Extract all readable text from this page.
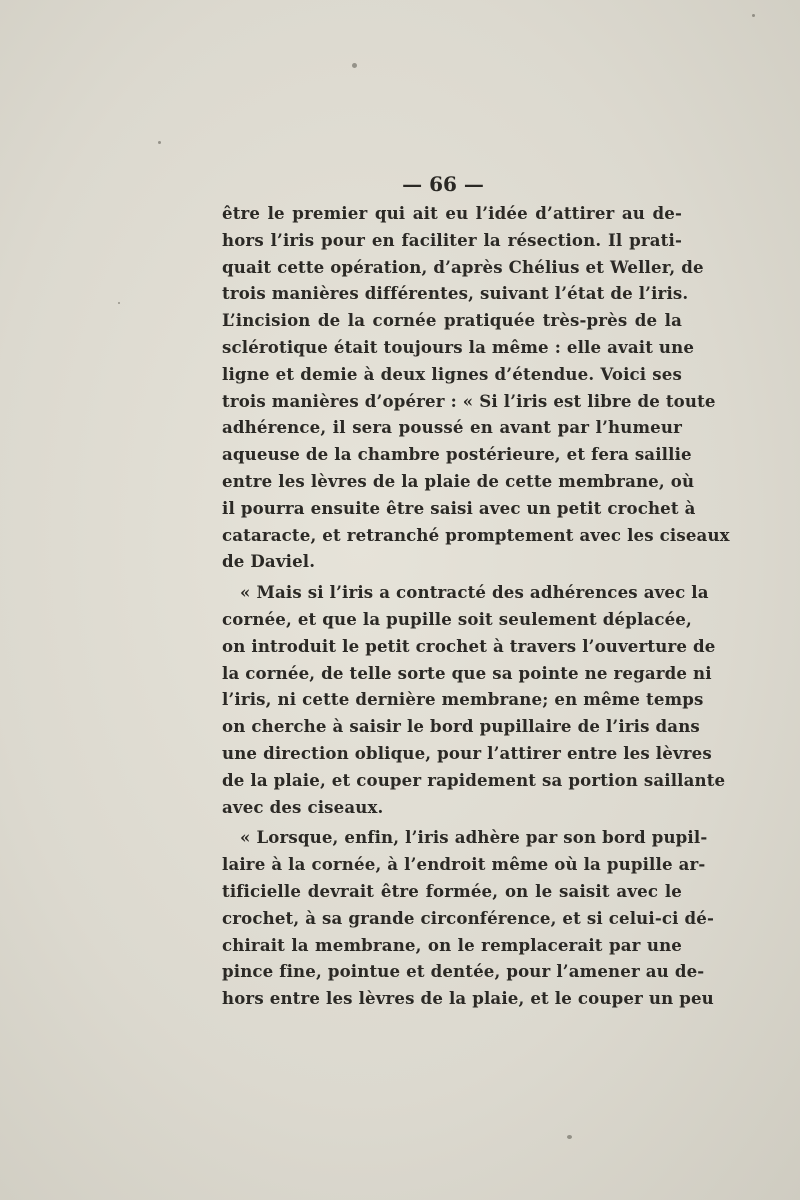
— 66 —
être le premier qui ait eu l’idée d’attirer au de-
hors l’iris pour en faciliter la résection. Il prati-
quait cette opération, d’après Chélius et Weller, de
trois manières différentes, suivant l’état de l’iris.
L’incision de la cornée pratiquée très-près de la
sclérotique était toujours la même : elle avait une
ligne et demie à deux lignes d’étendue. Voici ses
trois manières d’opérer : « Si l’iris est libre de toute
adhérence, il sera poussé en avant par l’humeur
aqueuse de la chambre postérieure, et fera saillie
entre les lèvres de la plaie de cette membrane, où
il pourra ensuite être saisi avec un petit crochet à
cataracte, et retranché promptement avec les ciseaux
de Daviel.
« Mais si l’iris a contracté des adhérences avec la
cornée, et que la pupille soit seulement déplacée,
on introduit le petit crochet à travers l’ouverture de
la cornée, de telle sorte que sa pointe ne regarde ni
l’iris, ni cette dernière membrane; en même temps
on cherche à saisir le bord pupillaire de l’iris dans
une direction oblique, pour l’attirer entre les lèvres
de la plaie, et couper rapidement sa portion saillante
avec des ciseaux.
« Lorsque, enfin, l’iris adhère par son bord pupil-
laire à la cornée, à l’endroit même où la pupille ar-
tificielle devrait être formée, on le saisit avec le
crochet, à sa grande circonférence, et si celui-ci dé-
chirait la membrane, on le remplacerait par une
pince fine, pointue et dentée, pour l’amener au de-
hors entre les lèvres de la plaie, et le couper un peu
